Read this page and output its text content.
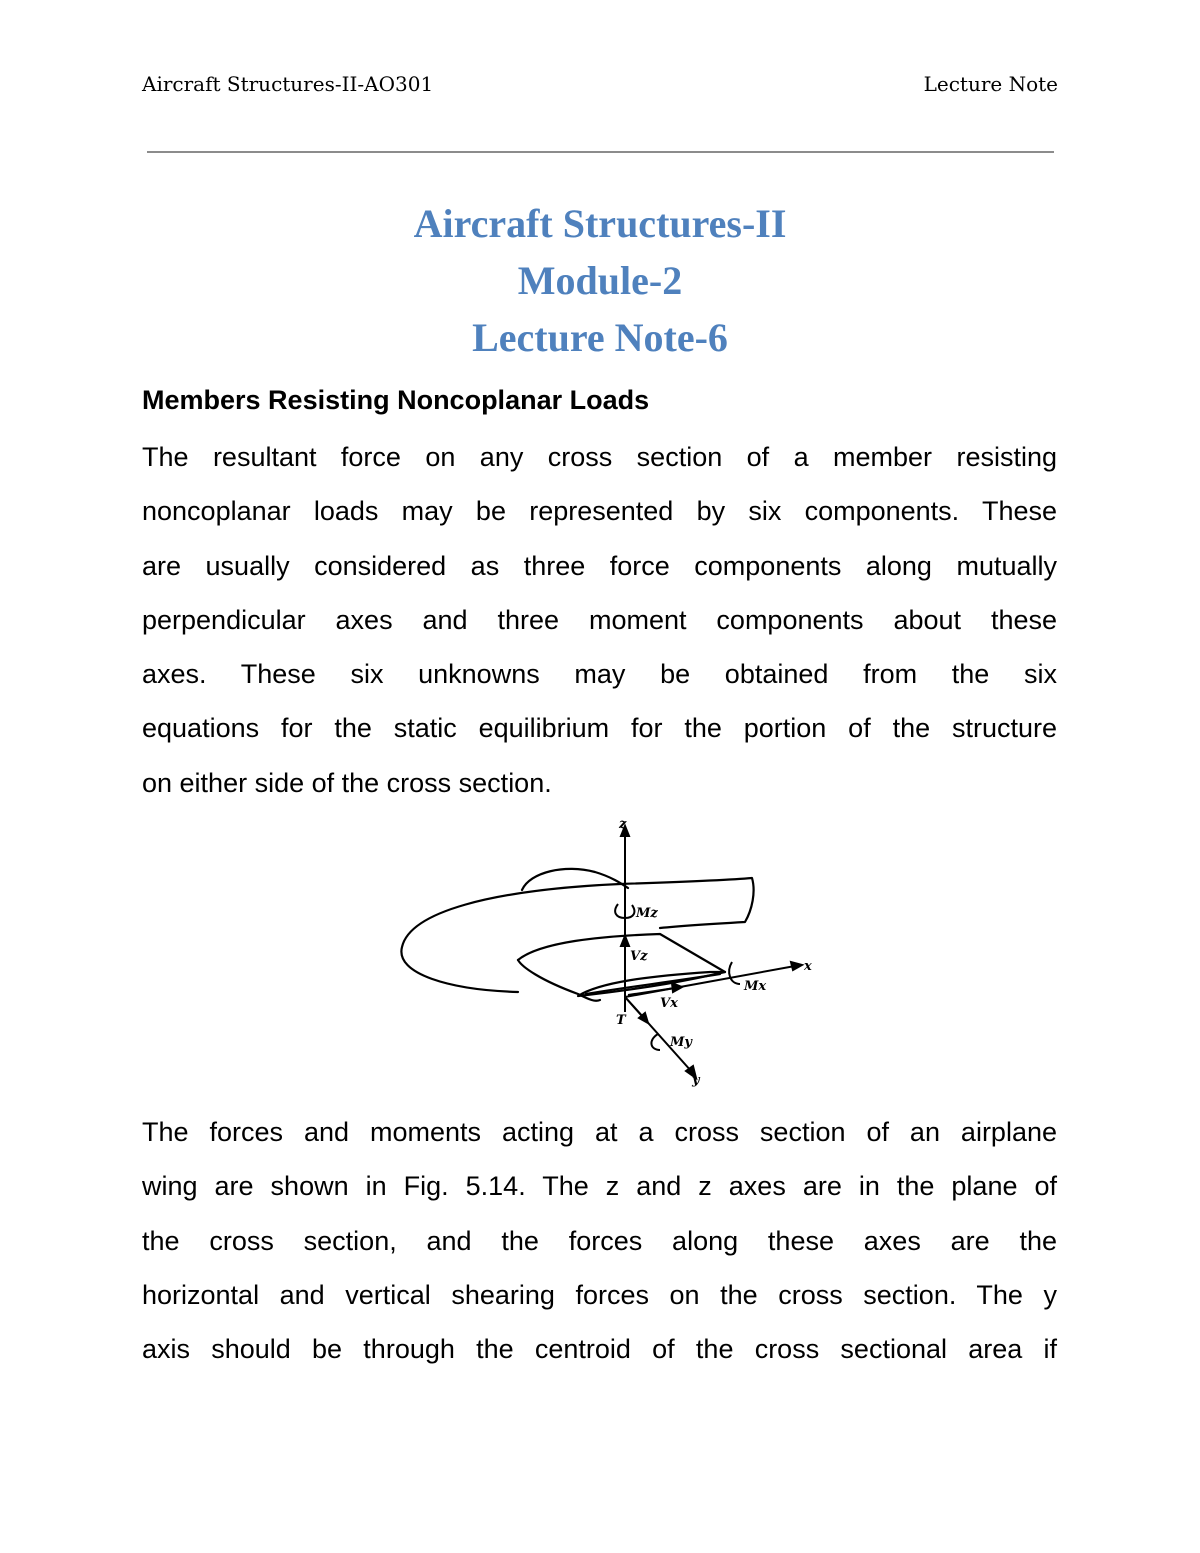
Aircraft Structures-II-AO301	Lecture Note
Aircraft Structures-II
Module-2
Lecture Note-6
Members Resisting Noncoplanar Loads
The resultant force on any cross section of a member resisting
noncoplanar loads may be represented by six components. These
are usually considered as three force components along mutually
perpendicular axes and three moment components about these
axes. These six unknowns may be obtained from the six
equations for the static equilibrium for the portion of the structure
on either side of the cross section.
z
Mz
Vz
x
Mx
Vx
T
My
y
The forces and moments acting at a cross section of an airplane
wing are shown in Fig. 5.14. The z and z axes are in the plane of
the cross section, and the forces along these axes are the
horizontal and vertical shearing forces on the cross section. The y
axis should be through the centroid of the cross sectional area if
